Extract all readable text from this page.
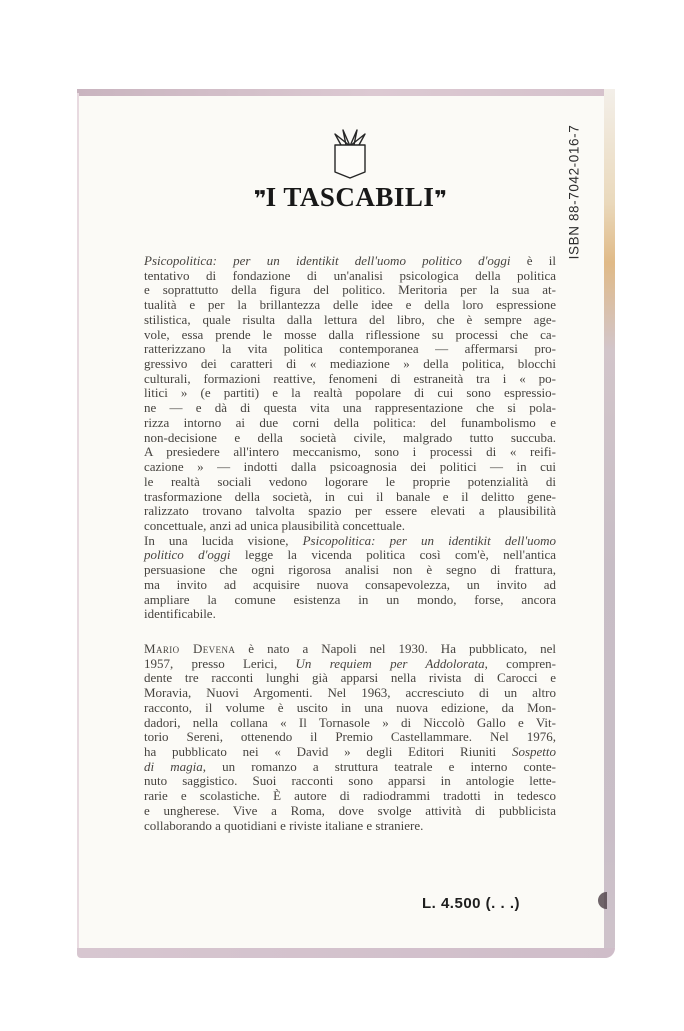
❞I TASCABILI❞	ISBN 88-7042-016-7
Psicopolitica: per un identikit dell'uomo politico d'oggi è il
tentativo di fondazione di un'analisi psicologica della politica
e soprattutto della figura del politico. Meritoria per la sua at-
tualità e per la brillantezza delle idee e della loro espressione
stilistica, quale risulta dalla lettura del libro, che è sempre age-
vole, essa prende le mosse dalla riflessione su processi che ca-
ratterizzano la vita politica contemporanea — affermarsi pro-
gressivo dei caratteri di « mediazione » della politica, blocchi
culturali, formazioni reattive, fenomeni di estraneità tra i « po-
litici » (e partiti) e la realtà popolare di cui sono espressio-
ne — e dà di questa vita una rappresentazione che si pola-
rizza intorno ai due corni della politica: del funambolismo e
non-decisione e della società civile, malgrado tutto succuba.
A presiedere all'intero meccanismo, sono i processi di « reifi-
cazione » — indotti dalla psicoagnosia dei politici — in cui
le realtà sociali vedono logorare le proprie potenzialità di
trasformazione della società, in cui il banale e il delitto gene-
ralizzato trovano talvolta spazio per essere elevati a plausibilità
concettuale, anzi ad unica plausibilità concettuale.
In una lucida visione, Psicopolitica: per un identikit dell'uomo
politico d'oggi legge la vicenda politica così com'è, nell'antica
persuasione che ogni rigorosa analisi non è segno di frattura,
ma invito ad acquisire nuova consapevolezza, un invito ad
ampliare la comune esistenza in un mondo, forse, ancora
identificabile.
Mario Devena è nato a Napoli nel 1930. Ha pubblicato, nel
1957, presso Lerici, Un requiem per Addolorata, compren-
dente tre racconti lunghi già apparsi nella rivista di Carocci e
Moravia, Nuovi Argomenti. Nel 1963, accresciuto di un altro
racconto, il volume è uscito in una nuova edizione, da Mon-
dadori, nella collana « Il Tornasole » di Niccolò Gallo e Vit-
torio Sereni, ottenendo il Premio Castellammare. Nel 1976,
ha pubblicato nei « David » degli Editori Riuniti Sospetto
di magia, un romanzo a struttura teatrale e interno conte-
nuto saggistico. Suoi racconti sono apparsi in antologie lette-
rarie e scolastiche. È autore di radiodrammi tradotti in tedesco
e ungherese. Vive a Roma, dove svolge attività di pubblicista
collaborando a quotidiani e riviste italiane e straniere.
L. 4.500 (. . .)
